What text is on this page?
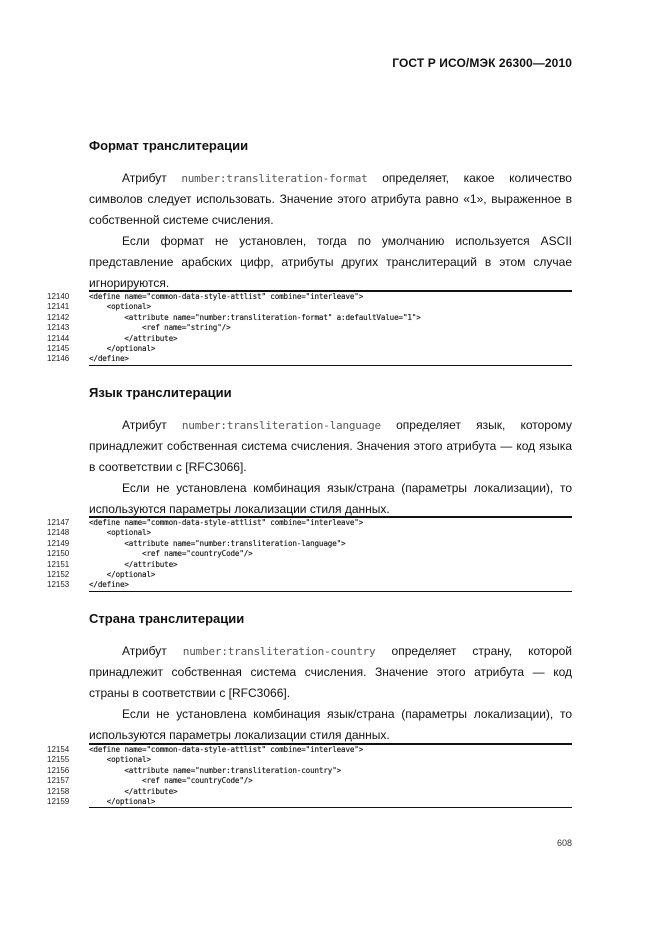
ГОСТ Р ИСО/МЭК 26300—2010
Формат транслитерации

Атрибут number:transliteration-format определяет, какое количество символов следует использовать. Значение этого атрибута равно «1», выраженное в собственной системе счисления.

Если формат не установлен, тогда по умолчанию используется ASCII представление арабских цифр, атрибуты других транслитераций в этом случае игнорируются.

12140	<define name="common-data-style-attlist" combine="interleave">
12141	<optional>
12142	<attribute name="number:transliteration-format" a:defaultValue="1">
12143	<ref name="string"/>
12144	</attribute>
12145	</optional>
12146	</define>
Язык транслитерации

Атрибут number:transliteration-language определяет язык, которому принадлежит собственная система счисления. Значения этого атрибута — код языка в соответствии с [RFC3066].

Если не установлена комбинация язык/страна (параметры локализации), то используются параметры локализации стиля данных.

12147	<define name="common-data-style-attlist" combine="interleave">
12148	<optional>
12149	<attribute name="number:transliteration-language">
12150	<ref name="countryCode"/>
12151	</attribute>
12152	</optional>
12153	</define>
Страна транслитерации

Атрибут number:transliteration-country определяет страну, которой принадлежит собственная система счисления. Значение этого атрибута — код страны в соответствии с [RFC3066].

Если не установлена комбинация язык/страна (параметры локализации), то используются параметры локализации стиля данных.

12154	<define name="common-data-style-attlist" combine="interleave">
12155	<optional>
12156	<attribute name="number:transliteration-country">
12157	<ref name="countryCode"/>
12158	</attribute>
12159	</optional>
608
